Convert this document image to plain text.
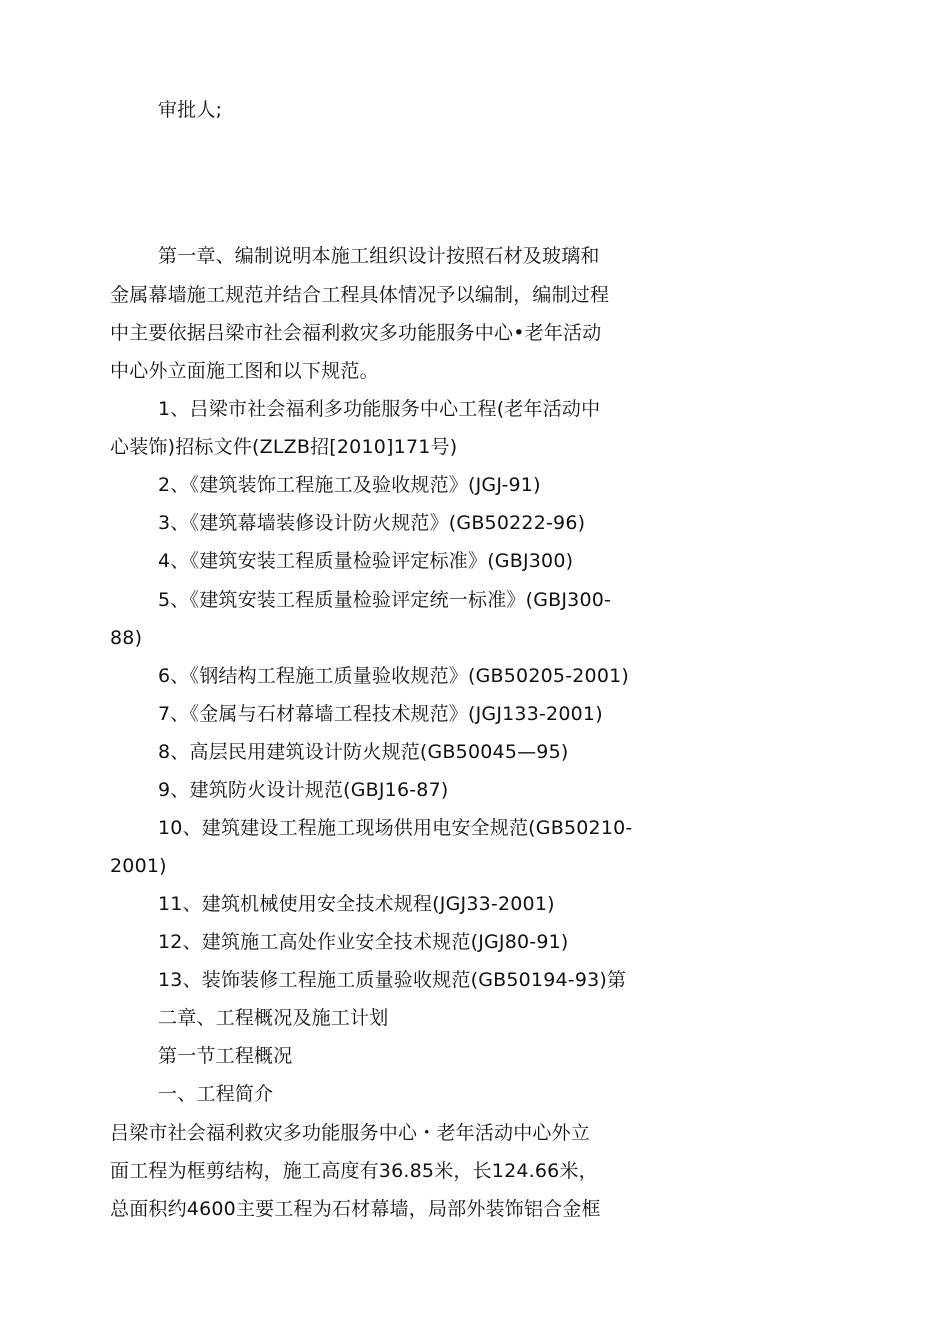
审批人;
第一章、编制说明本施工组织设计按照石材及玻璃和
金属幕墙施工规范并结合工程具体情况予以编制，编制过程
中主要依据吕梁市社会福利救灾多功能服务中心•老年活动
中心外立面施工图和以下规范。
1、吕梁市社会福利多功能服务中心工程(老年活动中
心装饰)招标文件(ZLZB招[2010]171号)
2、《建筑装饰工程施工及验收规范》(JGJ-91)
3、《建筑幕墙装修设计防火规范》(GB50222-96)
4、《建筑安装工程质量检验评定标准》(GBJ300)
5、《建筑安装工程质量检验评定统一标准》(GBJ300-
88)
6、《钢结构工程施工质量验收规范》(GB50205-2001)
7、《金属与石材幕墙工程技术规范》(JGJ133-2001)
8、高层民用建筑设计防火规范(GB50045—95)
9、建筑防火设计规范(GBJ16-87)
10、建筑建设工程施工现场供用电安全规范(GB50210-
2001)
11、建筑机械使用安全技术规程(JGJ33-2001)
12、建筑施工高处作业安全技术规范(JGJ80-91)
13、装饰装修工程施工质量验收规范(GB50194-93)第
二章、工程概况及施工计划
第一节工程概况
一、工程简介
吕梁市社会福利救灾多功能服务中心・老年活动中心外立
面工程为框剪结构，施工高度有36.85米，长124.66米，
总面积约4600主要工程为石材幕墙，局部外装饰铝合金框
